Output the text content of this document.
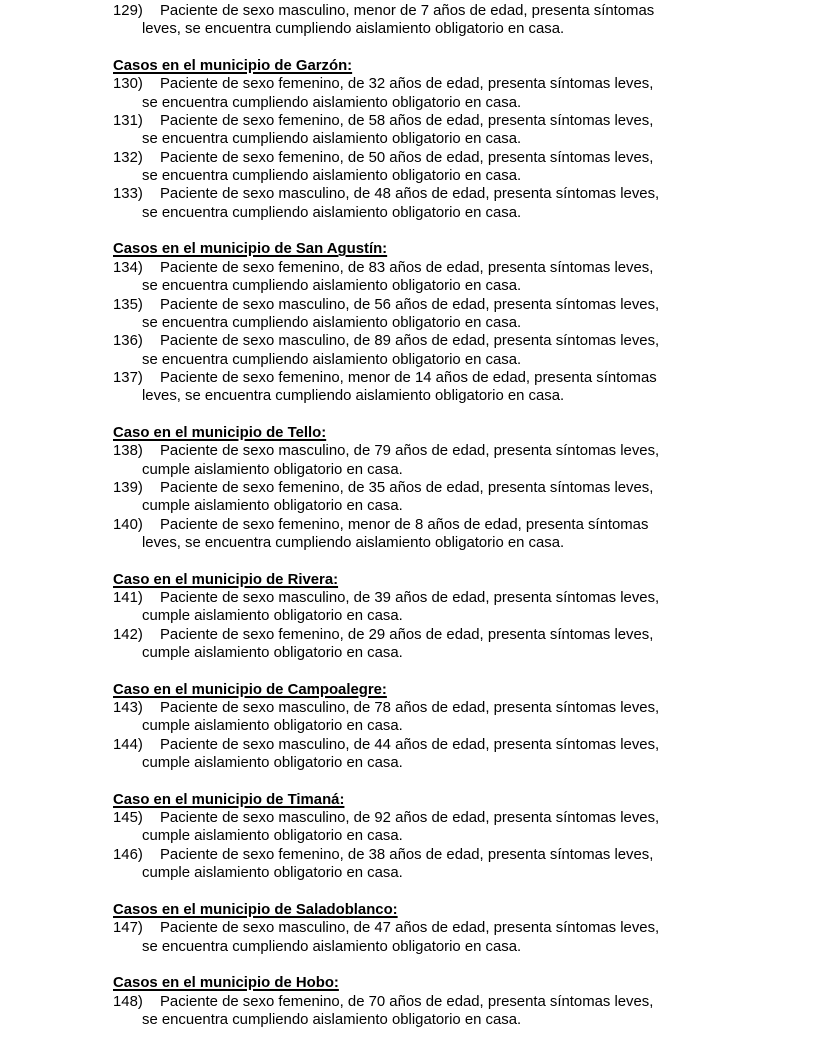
129) Paciente de sexo masculino, menor de 7 años de edad, presenta síntomas
leves, se encuentra cumpliendo aislamiento obligatorio en casa.
Casos en el municipio de Garzón:
130) Paciente de sexo femenino, de 32 años de edad, presenta síntomas leves,
se encuentra cumpliendo aislamiento obligatorio en casa.
131) Paciente de sexo femenino, de 58 años de edad, presenta síntomas leves,
se encuentra cumpliendo aislamiento obligatorio en casa.
132) Paciente de sexo femenino, de 50 años de edad, presenta síntomas leves,
se encuentra cumpliendo aislamiento obligatorio en casa.
133) Paciente de sexo masculino, de 48 años de edad, presenta síntomas leves,
se encuentra cumpliendo aislamiento obligatorio en casa.
Casos en el municipio de San Agustín:
134) Paciente de sexo femenino, de 83 años de edad, presenta síntomas leves,
se encuentra cumpliendo aislamiento obligatorio en casa.
135) Paciente de sexo masculino, de 56 años de edad, presenta síntomas leves,
se encuentra cumpliendo aislamiento obligatorio en casa.
136) Paciente de sexo masculino, de 89 años de edad, presenta síntomas leves,
se encuentra cumpliendo aislamiento obligatorio en casa.
137) Paciente de sexo femenino, menor de 14 años de edad, presenta síntomas
leves, se encuentra cumpliendo aislamiento obligatorio en casa.
Caso en el municipio de Tello:
138) Paciente de sexo masculino, de 79 años de edad, presenta síntomas leves,
cumple aislamiento obligatorio en casa.
139) Paciente de sexo femenino, de 35 años de edad, presenta síntomas leves,
cumple aislamiento obligatorio en casa.
140) Paciente de sexo femenino, menor de 8 años de edad, presenta síntomas
leves, se encuentra cumpliendo aislamiento obligatorio en casa.
Caso en el municipio de Rivera:
141) Paciente de sexo masculino, de 39 años de edad, presenta síntomas leves,
cumple aislamiento obligatorio en casa.
142) Paciente de sexo femenino, de 29 años de edad, presenta síntomas leves,
cumple aislamiento obligatorio en casa.
Caso en el municipio de Campoalegre:
143) Paciente de sexo masculino, de 78 años de edad, presenta síntomas leves,
cumple aislamiento obligatorio en casa.
144) Paciente de sexo masculino, de 44 años de edad, presenta síntomas leves,
cumple aislamiento obligatorio en casa.
Caso en el municipio de Timaná:
145) Paciente de sexo masculino, de 92 años de edad, presenta síntomas leves,
cumple aislamiento obligatorio en casa.
146) Paciente de sexo femenino, de 38 años de edad, presenta síntomas leves,
cumple aislamiento obligatorio en casa.
Casos en el municipio de Saladoblanco:
147) Paciente de sexo masculino, de 47 años de edad, presenta síntomas leves,
se encuentra cumpliendo aislamiento obligatorio en casa.
Casos en el municipio de Hobo:
148) Paciente de sexo femenino, de 70 años de edad, presenta síntomas leves,
se encuentra cumpliendo aislamiento obligatorio en casa.
